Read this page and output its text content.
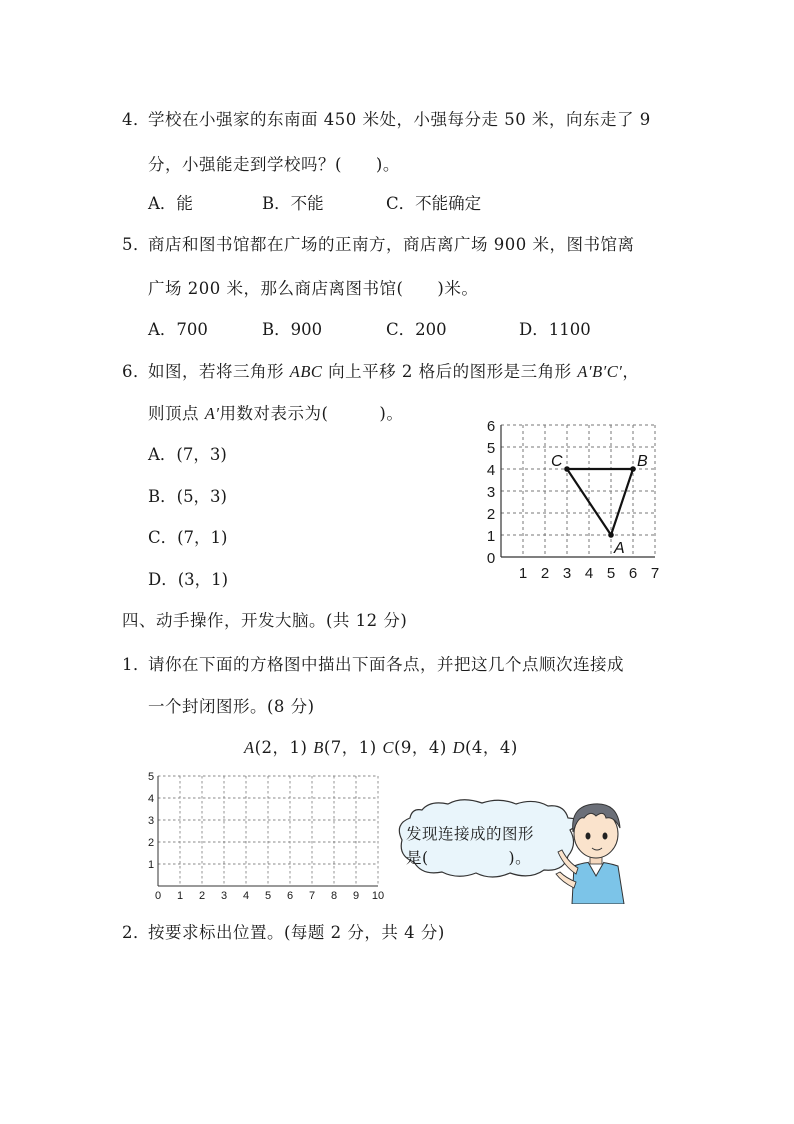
4．
学校在小强家的东南面 450 米处，小强每分走 50 米，向东走了 9
分，小强能走到学校吗？(　　)。
A．能	B．不能	C．不能确定
5．
商店和图书馆都在广场的正南方，商店离广场 900 米，图书馆离
广场 200 米，那么商店离图书馆(　　)米。
A．700	B．900	C．200	D．1100
6．
如图，若将三角形 ABC 向上平移 2 格后的图形是三角形 A′B′C′，
则顶点 A′用数对表示为(　　　)。
A．(7，3)
B．(5，3)
C．(7，1)
D．(3，1)
6
5
4
3
2
1
0
1 2 3 4 5 6 7
C	B
A
四、动手操作，开发大脑。(共 12 分)
1．
请你在下面的方格图中描出下面各点，并把这几个点顺次连接成
一个封闭图形。(8 分)
A(2，1) B(7，1) C(9，4) D(4，4)
5
4
3
2
1
0 1 2 3 4 5 6 7 8 9 10
发现连接成的图形
是(　　　　　)。
2．
按要求标出位置。(每题 2 分，共 4 分)
